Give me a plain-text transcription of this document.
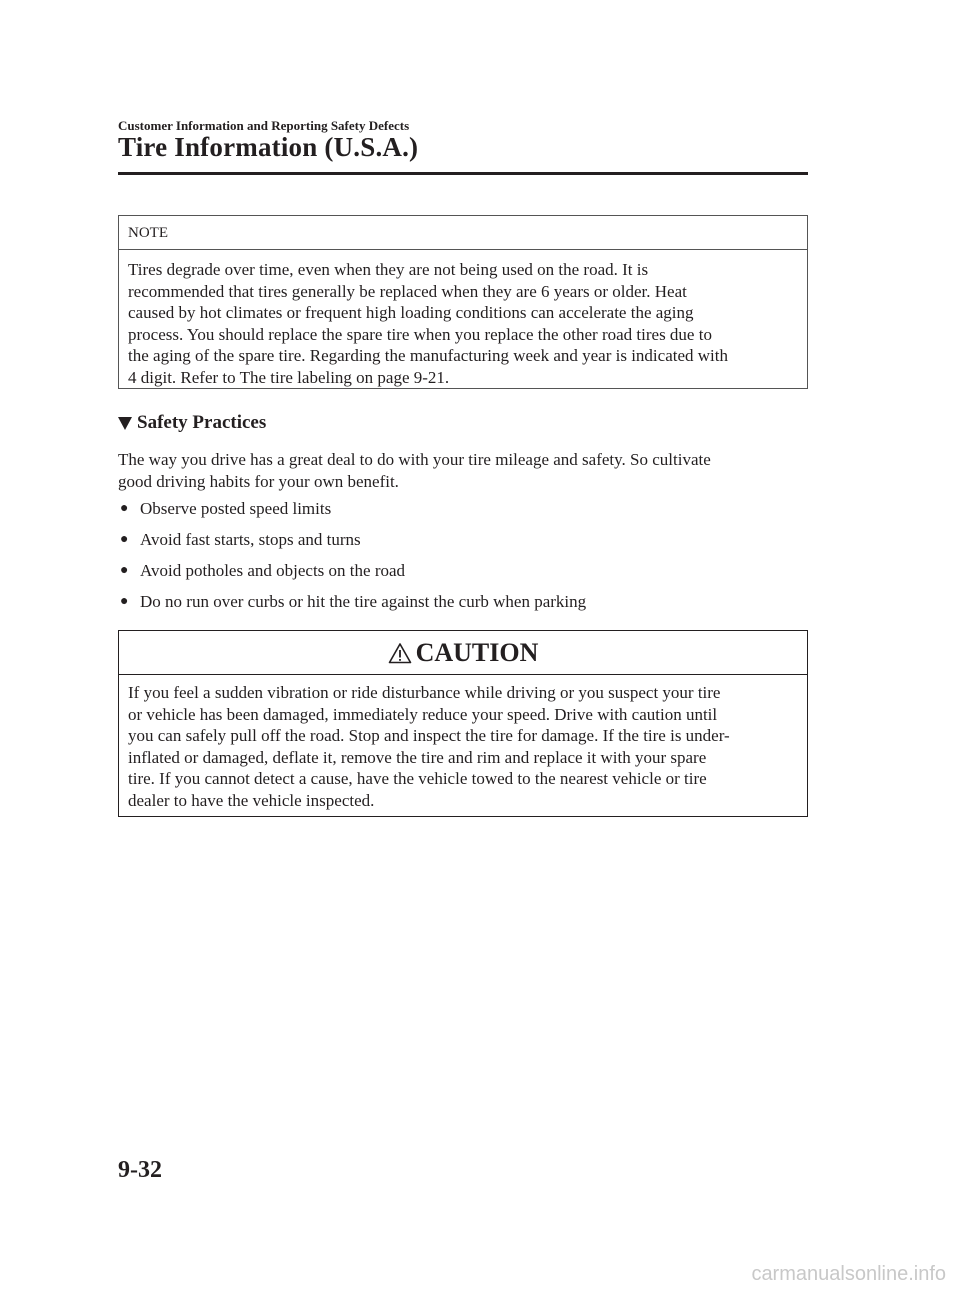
Customer Information and Reporting Safety Defects
Tire Information (U.S.A.)
NOTE
Tires degrade over time, even when they are not being used on the road. It is
recommended that tires generally be replaced when they are 6 years or older. Heat
caused by hot climates or frequent high loading conditions can accelerate the aging
process. You should replace the spare tire when you replace the other road tires due to
the aging of the spare tire. Regarding the manufacturing week and year is indicated with
4 digit. Refer to The tire labeling on page 9-21.
Safety Practices
The way you drive has a great deal to do with your tire mileage and safety. So cultivate
good driving habits for your own benefit.
● Observe posted speed limits
● Avoid fast starts, stops and turns
● Avoid potholes and objects on the road
● Do no run over curbs or hit the tire against the curb when parking
CAUTION
If you feel a sudden vibration or ride disturbance while driving or you suspect your tire
or vehicle has been damaged, immediately reduce your speed. Drive with caution until
you can safely pull off the road. Stop and inspect the tire for damage. If the tire is under-
inflated or damaged, deflate it, remove the tire and rim and replace it with your spare
tire. If you cannot detect a cause, have the vehicle towed to the nearest vehicle or tire
dealer to have the vehicle inspected.
9-32
carmanualsonline.info
